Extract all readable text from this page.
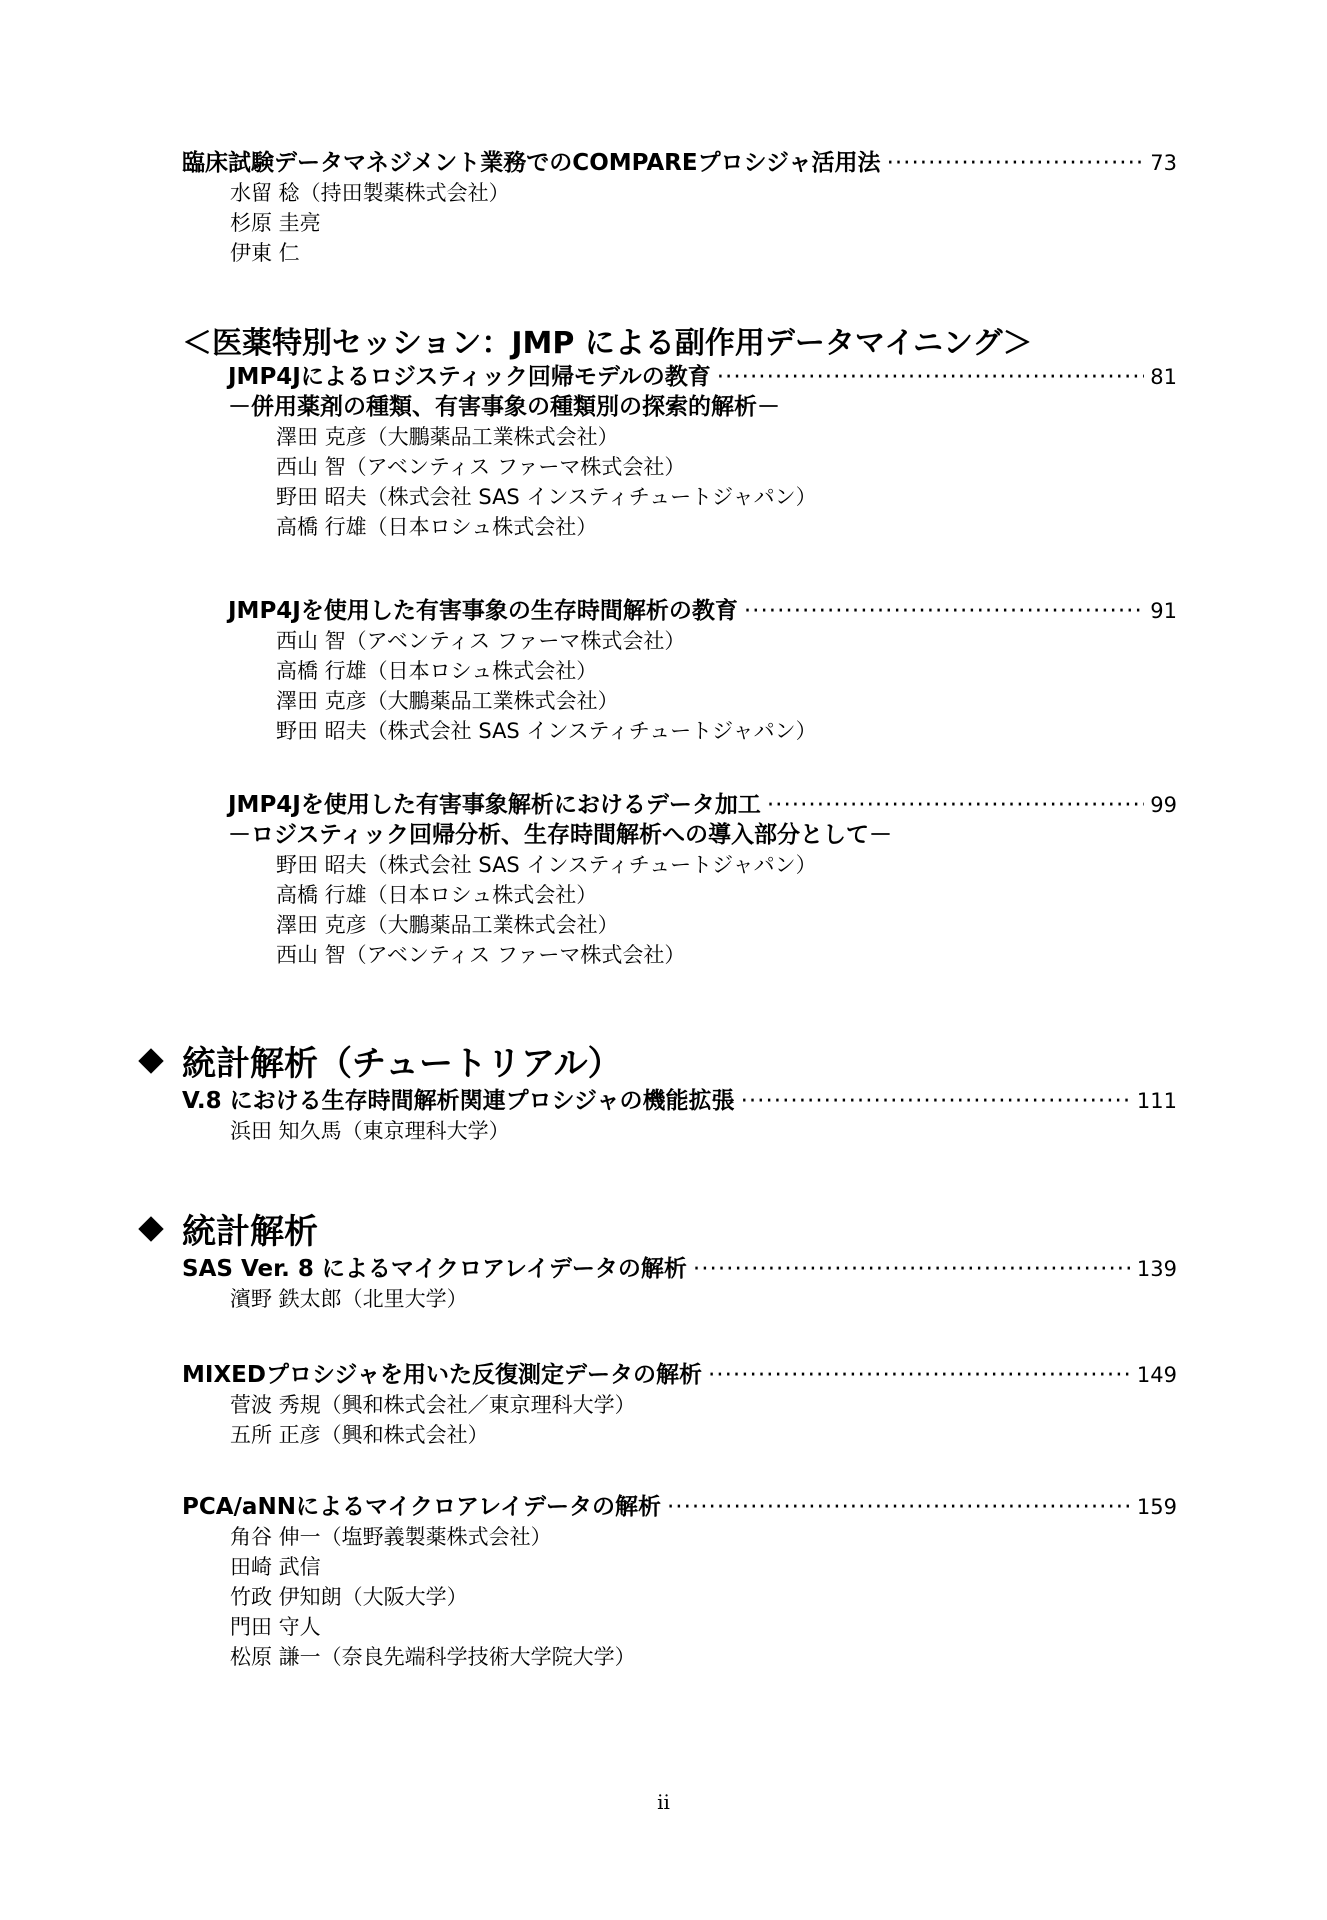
臨床試験データマネジメント業務でのCOMPAREプロシジャ活用法 ·····	73
水留 稔（持田製薬株式会社）
杉原 圭亮
伊東 仁
＜医薬特別セッション：JMP による副作用データマイニング＞
JMP4Jによるロジスティック回帰モデルの教育 ·····	81
－併用薬剤の種類、有害事象の種類別の探索的解析－
澤田 克彦（大鵬薬品工業株式会社）
西山 智（アベンティス ファーマ株式会社）
野田 昭夫（株式会社 SAS インスティチュートジャパン）
高橋 行雄（日本ロシュ株式会社）
JMP4Jを使用した有害事象の生存時間解析の教育 ·····	91
西山 智（アベンティス ファーマ株式会社）
高橋 行雄（日本ロシュ株式会社）
澤田 克彦（大鵬薬品工業株式会社）
野田 昭夫（株式会社 SAS インスティチュートジャパン）
JMP4Jを使用した有害事象解析におけるデータ加工 ·····	99
－ロジスティック回帰分析、生存時間解析への導入部分として－
野田 昭夫（株式会社 SAS インスティチュートジャパン）
高橋 行雄（日本ロシュ株式会社）
澤田 克彦（大鵬薬品工業株式会社）
西山 智（アベンティス ファーマ株式会社）
統計解析（チュートリアル）
V.8 における生存時間解析関連プロシジャの機能拡張 ·····	111
浜田 知久馬（東京理科大学）
統計解析
SAS Ver. 8 によるマイクロアレイデータの解析 ·····	139
濱野 鉄太郎（北里大学）
MIXEDプロシジャを用いた反復測定データの解析 ·····	149
菅波 秀規（興和株式会社／東京理科大学）
五所 正彦（興和株式会社）
PCA/aNNによるマイクロアレイデータの解析 ·····	159
角谷 伸一（塩野義製薬株式会社）
田崎 武信
竹政 伊知朗（大阪大学）
門田 守人
松原 謙一（奈良先端科学技術大学院大学）
ii
